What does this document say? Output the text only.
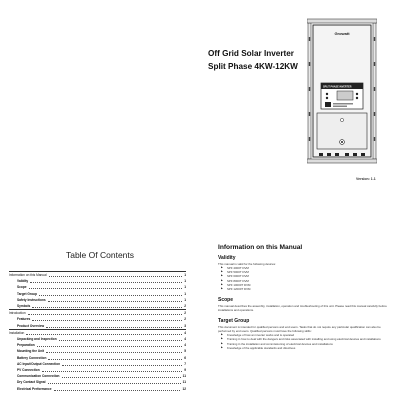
Off Grid Solar Inverter
Split Phase 4KW-12KW
Growatt
SPLIT PHASE INVERTER
Version: 1.1
Table Of Contents
Information on this Manual	1
Validity	1
Scope	1
Target Group	1
Safety Instructions	1
Symbols	2
Introduction	2
Features	2
Product Overview	3
Installation	4
Unpacking and Inspection	4
Preparation	4
Mounting the Unit	5
Battery Connection	6
AC Input/Output Connection	7
PV Connection	9
Communication Connection	11
Dry Contact Signal	11
Electrical Performance	12
Information on this Manual
Validity

This manual is valid for the following devices:

▶ SPF 4000T DVM
▶ SPF 5000T DVM
▶ SPF 6000T DVM
▶ SPF 8000T DVM
▶ SPF 10000T DVM
▶ SPF 12000T DVM
Scope

This manual describes the assembly, installation, operation and troubleshooting of this unit. Please read this manual carefully before installations and operations.

Target Group

This document is intended for qualified persons and end users. Tasks that do not require any particular qualification can also be performed by end users. Qualified persons must have the following skills:

▶ Knowledge of how an inverter works and is operated
▶ Training in how to deal with the dangers and risks associated with installing and using electrical devices and installations
▶ Training in the installation and commissioning of electrical devices and installations
▶ Knowledge of the applicable standards and directives
